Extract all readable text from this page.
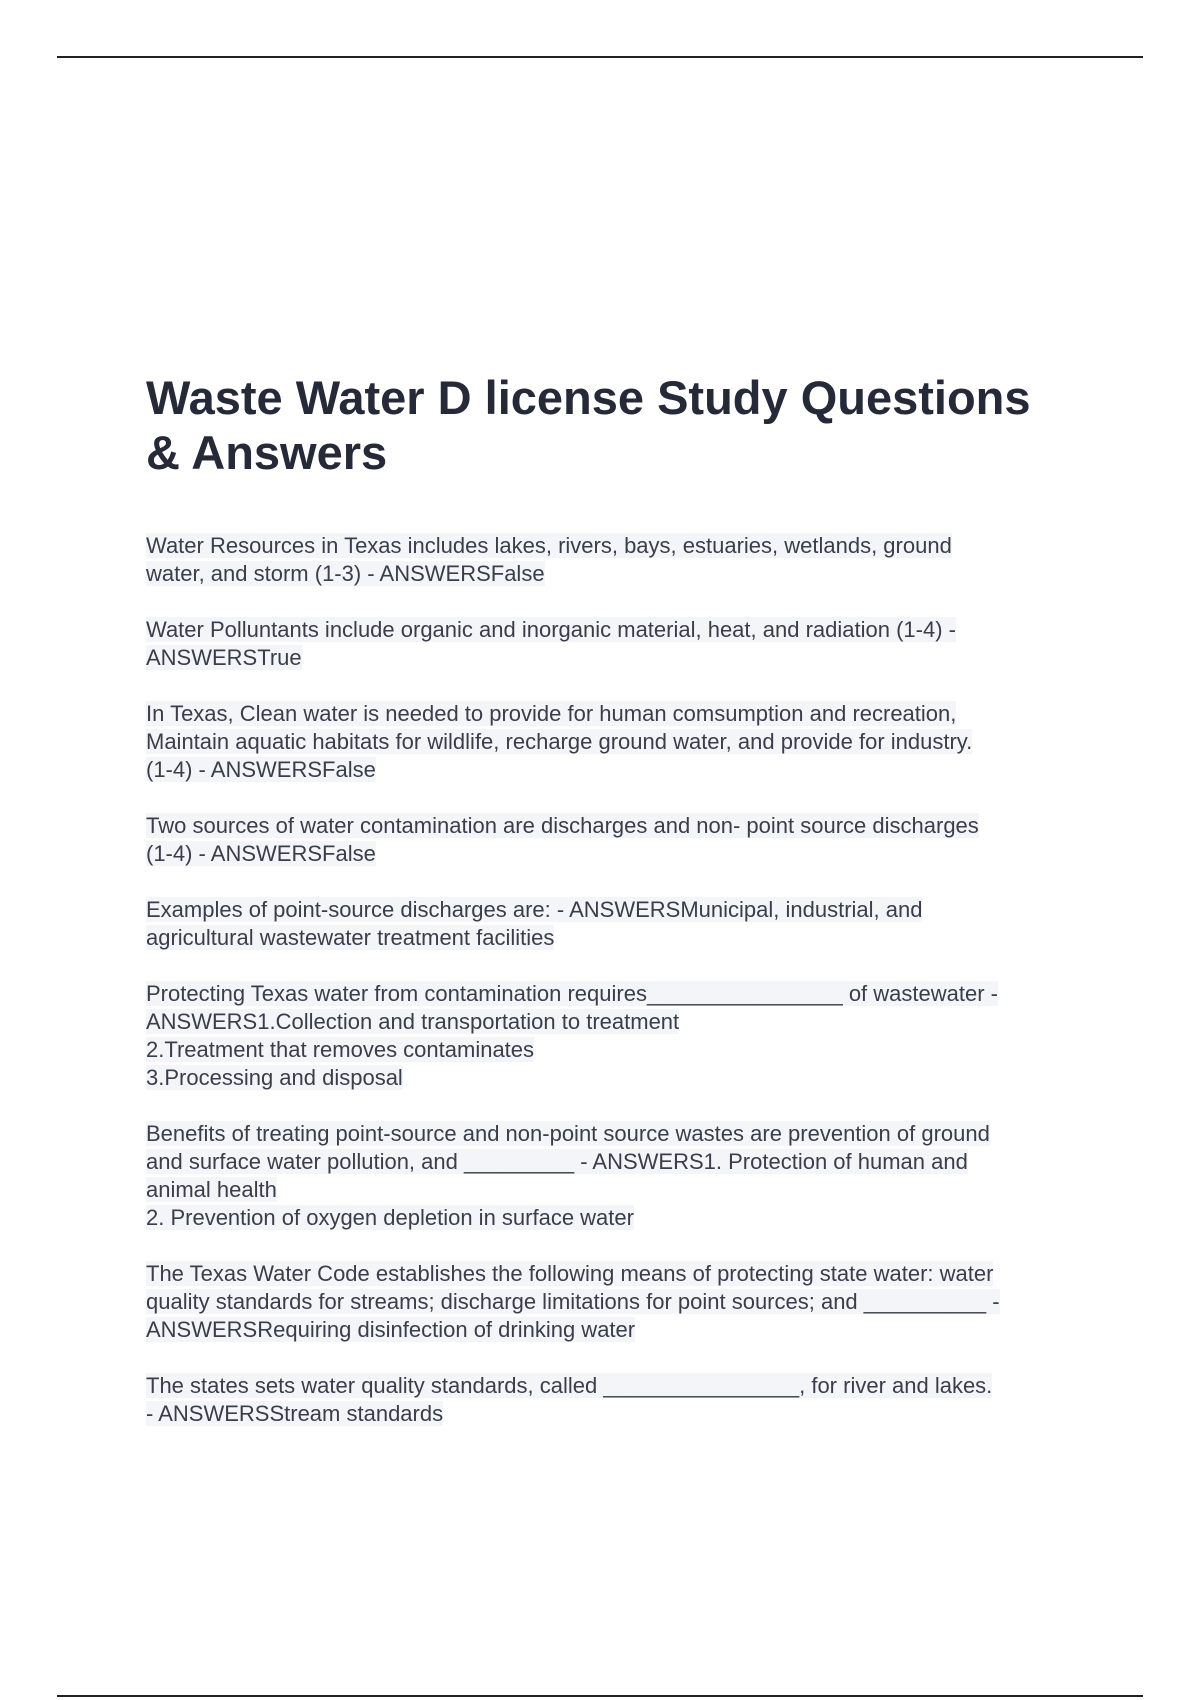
Waste Water D license Study Questions
& Answers

Water Resources in Texas includes lakes, rivers, bays, estuaries, wetlands, ground
water, and storm (1-3) - ANSWERSFalse

Water Polluntants include organic and inorganic material, heat, and radiation (1-4) -
ANSWERSTrue

In Texas, Clean water is needed to provide for human comsumption and recreation,
Maintain aquatic habitats for wildlife, recharge ground water, and provide for industry.
(1-4) - ANSWERSFalse

Two sources of water contamination are discharges and non- point source discharges
(1-4) - ANSWERSFalse

Examples of point-source discharges are: - ANSWERSMunicipal, industrial, and
agricultural wastewater treatment facilities

Protecting Texas water from contamination requires________________ of wastewater -
ANSWERS1.Collection and transportation to treatment
2.Treatment that removes contaminates
3.Processing and disposal

Benefits of treating point-source and non-point source wastes are prevention of ground
and surface water pollution, and _________ - ANSWERS1. Protection of human and
animal health
2. Prevention of oxygen depletion in surface water

The Texas Water Code establishes the following means of protecting state water: water
quality standards for streams; discharge limitations for point sources; and __________ -
ANSWERSRequiring disinfection of drinking water

The states sets water quality standards, called ________________, for river and lakes.
- ANSWERSStream standards
